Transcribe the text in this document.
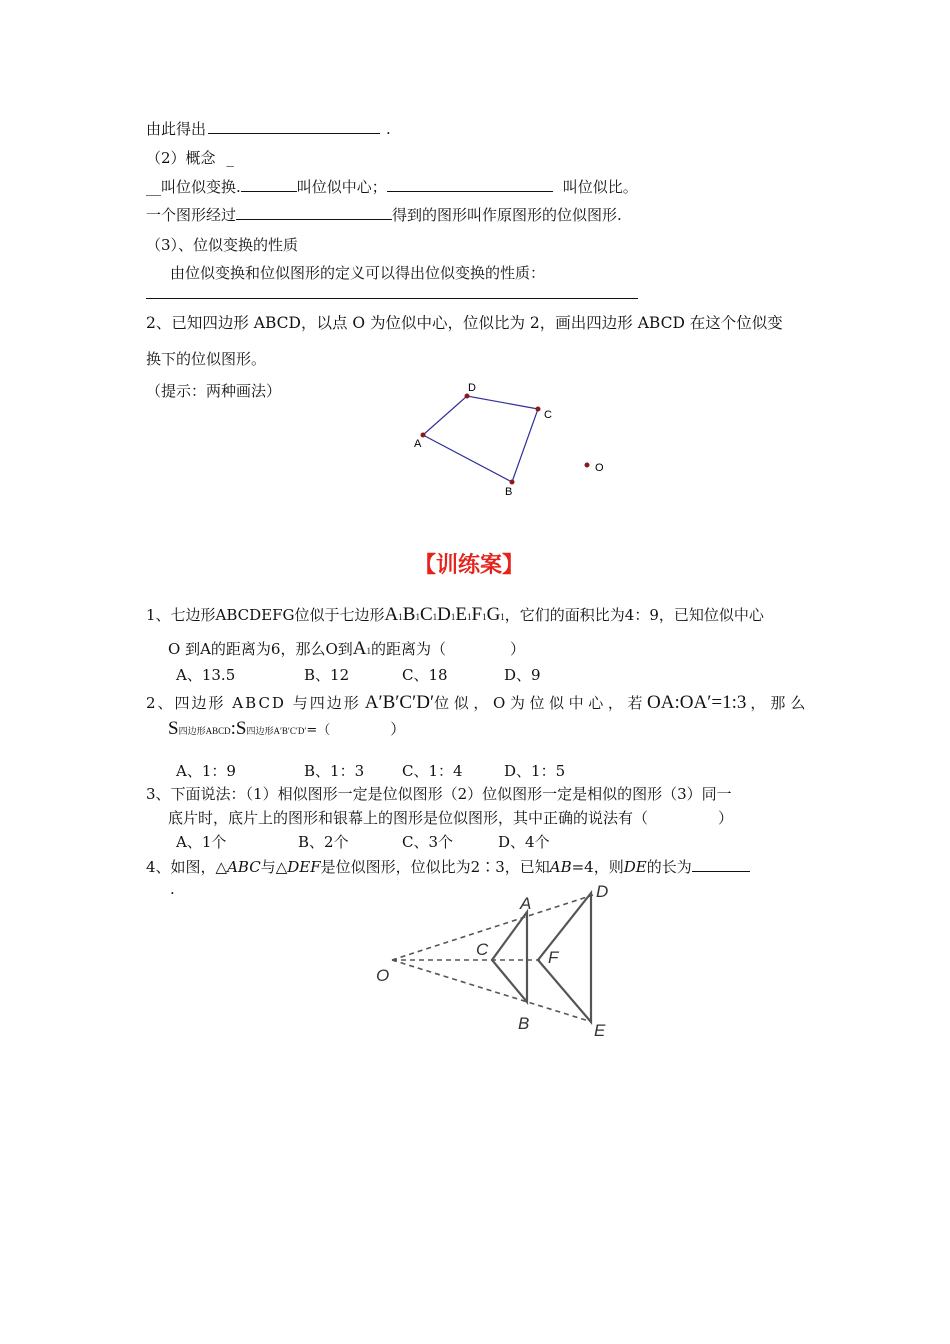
由此得出	.
（2）概念 _
__叫位似变换.	叫位似中心；	叫位似比。
一个图形经过	得到的图形叫作原图形的位似图形.
（3）、位似变换的性质
由位似变换和位似图形的定义可以得出位似变换的性质：
2、已知四边形 ABCD，以点 O 为位似中心，位似比为 2，画出四边形 ABCD 在这个位似变
换下的位似图形。
（提示：两种画法）
A
D
C
B
O
【训练案】
1、七边形ABCDEFG位似于七边形A1B1C1D1E1F1G1，它们的面积比为4：9，已知位似中心
O 到A的距离为6，那么O到A1的距离为（	）
A、13.5	B、12	C、18	D、9
2、四边形 ABCD 与四边形 A′B′C′D′位似，O为位似中心，若OA:OA′=1:3 ，那么
S四边形ABCD:S四边形A′B′C′D′=（	）
A、1：9	B、1：3	C、1：4	D、1：5
3、下面说法：（1）相似图形一定是位似图形（2）位似图形一定是相似的图形（3）同一
底片时，底片上的图形和银幕上的图形是位似图形，其中正确的说法有（	）
A、1个	B、2个	C、3个	D、4个
4、如图，△ABC与△DEF是位似图形，位似比为2∶3，已知AB=4，则DE的长为
.
O
A
B
C
D
E
F
